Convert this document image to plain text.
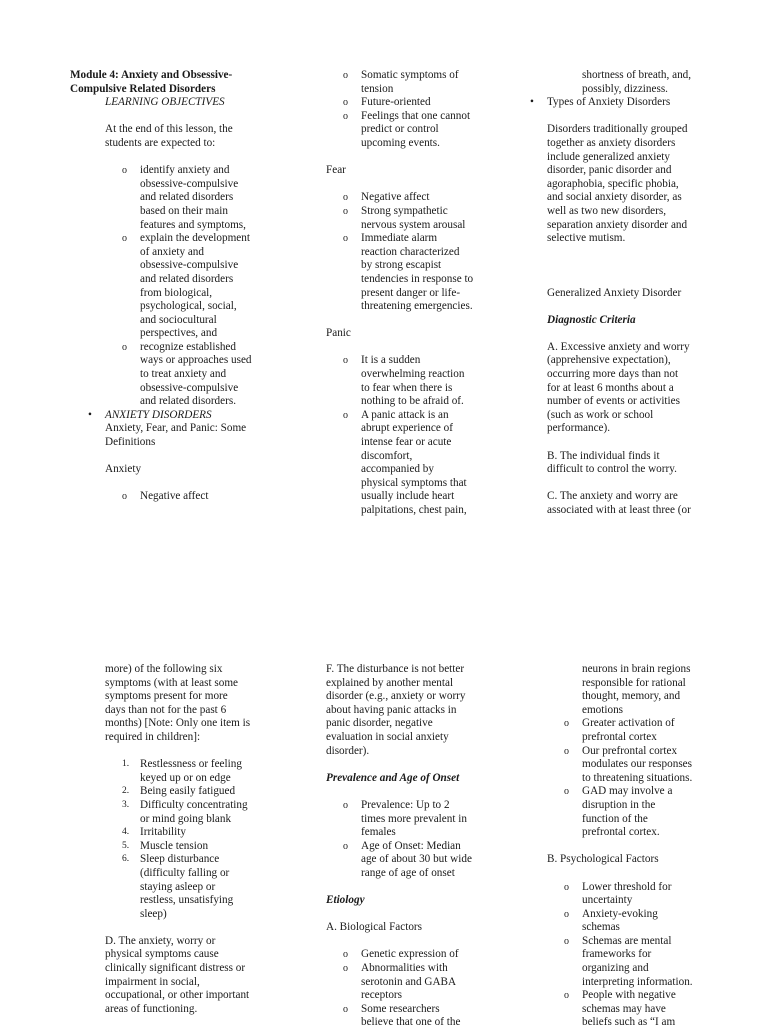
Module 4: Anxiety and Obsessive-

Compulsive Related Disorders

LEARNING OBJECTIVES

At the end of this lesson, the

students are expected to:

o identify anxiety and

obsessive-compulsive

and related disorders

based on their main

features and symptoms,

o explain the development

of anxiety and

obsessive-compulsive

and related disorders

from biological,

psychological, social,

and sociocultural

perspectives, and

o recognize established

ways or approaches used

to treat anxiety and

obsessive-compulsive

and related disorders.

• ANXIETY DISORDERS

Anxiety, Fear, and Panic: Some

Definitions

Anxiety

o Negative affect

o Somatic symptoms of

tension

o Future-oriented

o Feelings that one cannot

predict or control

upcoming events.

Fear

o Negative affect

o Strong sympathetic

nervous system arousal

o Immediate alarm

reaction characterized

by strong escapist

tendencies in response to

present danger or life-

threatening emergencies.

Panic

o It is a sudden

overwhelming reaction

to fear when there is

nothing to be afraid of.

o A panic attack is an

abrupt experience of

intense fear or acute

discomfort,

accompanied by

physical symptoms that

usually include heart

palpitations, chest pain,

shortness of breath, and,

possibly, dizziness.

• Types of Anxiety Disorders

Disorders traditionally grouped

together as anxiety disorders

include generalized anxiety

disorder, panic disorder and

agoraphobia, specific phobia,

and social anxiety disorder, as

well as two new disorders,

separation anxiety disorder and

selective mutism.

Generalized Anxiety Disorder

Diagnostic Criteria

A. Excessive anxiety and worry

(apprehensive expectation),

occurring more days than not

for at least 6 months about a

number of events or activities

(such as work or school

performance).

B. The individual finds it

difficult to control the worry.

C. The anxiety and worry are

associated with at least three (or

more) of the following six

symptoms (with at least some

symptoms present for more

days than not for the past 6

months) [Note: Only one item is

required in children]:

1. Restlessness or feeling

keyed up or on edge

2. Being easily fatigued

3. Difficulty concentrating

or mind going blank

4. Irritability

5. Muscle tension

6. Sleep disturbance

(difficulty falling or

staying asleep or

restless, unsatisfying

sleep)

D. The anxiety, worry or

physical symptoms cause

clinically significant distress or

impairment in social,

occupational, or other important

areas of functioning.

F. The disturbance is not better

explained by another mental

disorder (e.g., anxiety or worry

about having panic attacks in

panic disorder, negative

evaluation in social anxiety

disorder).

Prevalence and Age of Onset

o Prevalence: Up to 2

times more prevalent in

females

o Age of Onset: Median

age of about 30 but wide

range of age of onset

Etiology

A. Biological Factors

o Genetic expression of

o Abnormalities with

serotonin and GABA

receptors

o Some researchers

believe that one of the

neurons in brain regions

responsible for rational

thought, memory, and

emotions

o Greater activation of

prefrontal cortex

o Our prefrontal cortex

modulates our responses

to threatening situations.

o GAD may involve a

disruption in the

function of the

prefrontal cortex.

B. Psychological Factors

o Lower threshold for

uncertainty

o Anxiety-evoking

schemas

o Schemas are mental

frameworks for

organizing and

interpreting information.

o People with negative

schemas may have

beliefs such as “I am
